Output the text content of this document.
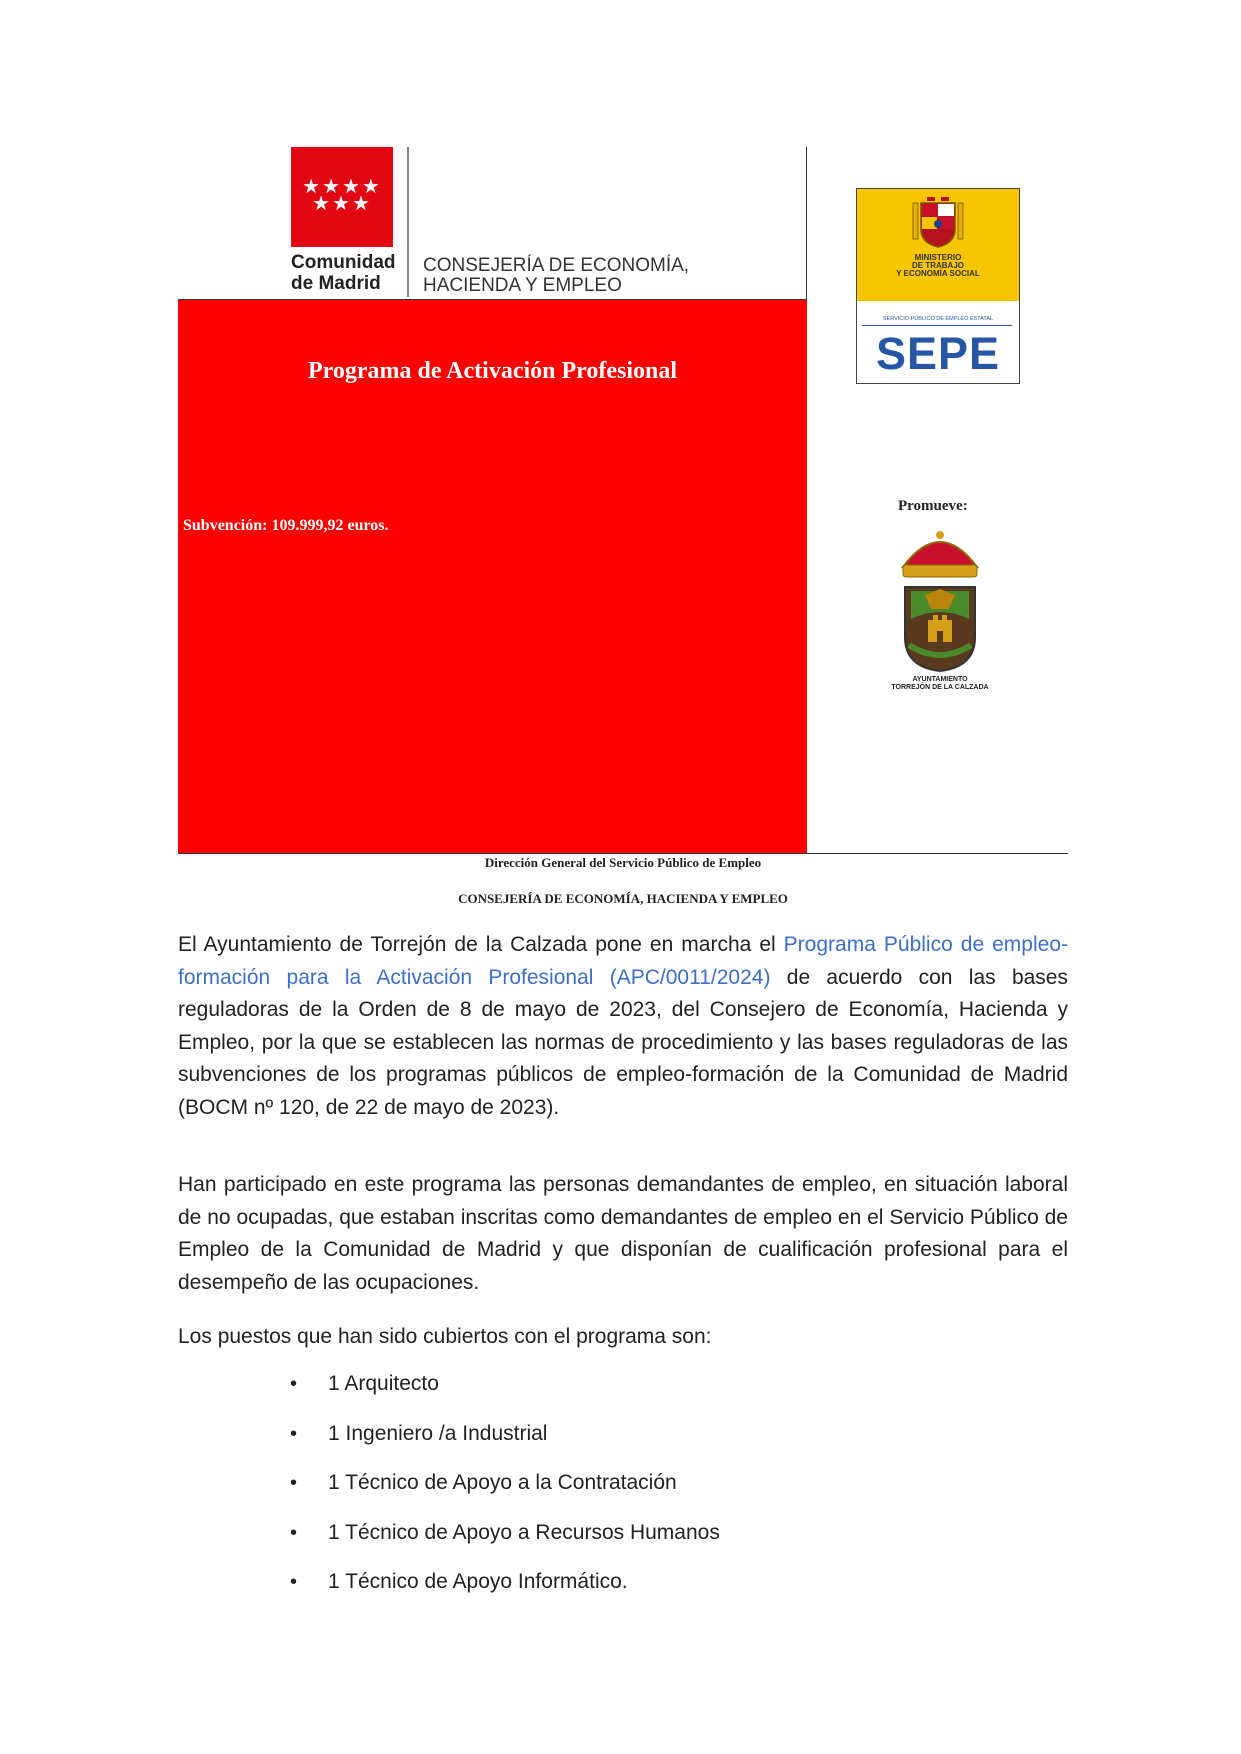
★★★★ ★★★
Comunidad
de Madrid
CONSEJERÍA DE ECONOMÍA,
HACIENDA Y EMPLEO
Programa de Activación Profesional
Subvención: 109.999,92 euros.
MINISTERIO
DE TRABAJO
Y ECONOMÍA SOCIAL
SERVICIO PÚBLICO DE EMPLEO ESTATAL
SEPE
Promueve:
AYUNTAMIENTO
TORREJÓN DE LA CALZADA
Dirección General del Servicio Público de Empleo
CONSEJERÍA DE ECONOMÍA, HACIENDA Y EMPLEO

El Ayuntamiento de Torrejón de la Calzada pone en marcha el Programa Público de empleo-formación para la Activación Profesional (APC/0011/2024) de acuerdo con las bases reguladoras de la Orden de 8 de mayo de 2023, del Consejero de Economía, Hacienda y Empleo, por la que se establecen las normas de procedimiento y las bases reguladoras de las subvenciones de los programas públicos de empleo-formación de la Comunidad de Madrid (BOCM nº 120, de 22 de mayo de 2023).

Han participado en este programa las personas demandantes de empleo, en situación laboral de no ocupadas, que estaban inscritas como demandantes de empleo en el Servicio Público de Empleo de la Comunidad de Madrid y que disponían de cualificación profesional para el desempeño de las ocupaciones.

Los puestos que han sido cubiertos con el programa son:

• 1 Arquitecto
• 1 Ingeniero /a Industrial
• 1 Técnico de Apoyo a la Contratación
• 1 Técnico de Apoyo a Recursos Humanos
• 1 Técnico de Apoyo Informático.
